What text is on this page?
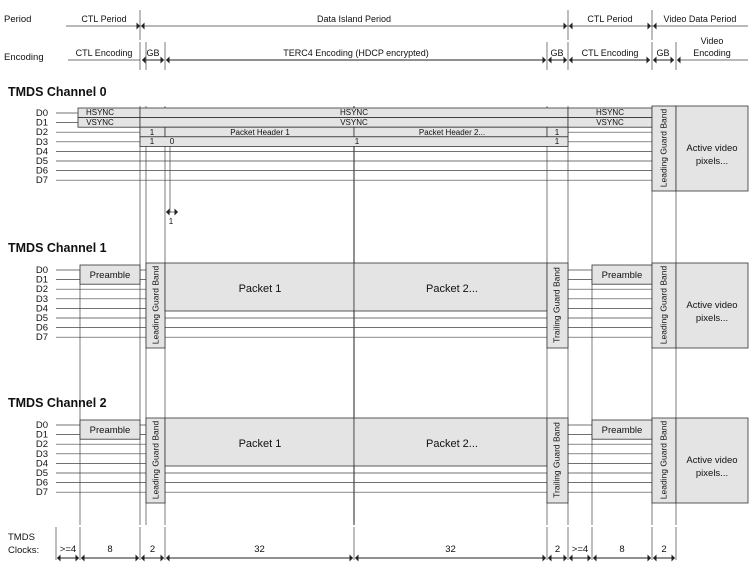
Period
Encoding
CTL Period	Data Island Period	CTL Period	Video Data Period
CTL Encoding GB	TERC4 Encoding (HDCP encrypted)	GB CTL Encoding GB
Video
Encoding
TMDS Channel 0
D0
D1
D2
D3
D4
D5
D6
D7
HSYNC
VSYNC
HSYNC
VSYNC
HSYNC
VSYNC
1
1 0
Packet Header 1	Packet Header 2...
1
1
1
1
Leading Guard Band Active video
pixels...
TMDS Channel 1
D0
D1
D2
D3
D4
D5
D6
D7
Preamble	Preamble
Leading Guard Band	Packet 1	Packet 2...	Trailing Guard Band	Leading Guard Band Active video
pixels...
TMDS Channel 2
D0
D1
D2
D3
D4
D5
D6
D7
Preamble	Preamble
Leading Guard Band	Packet 1	Packet 2...	Trailing Guard Band	Leading Guard Band Active video
pixels...
TMDS
Clocks: >=4	8	2	32	32	2 >=4	8	2
